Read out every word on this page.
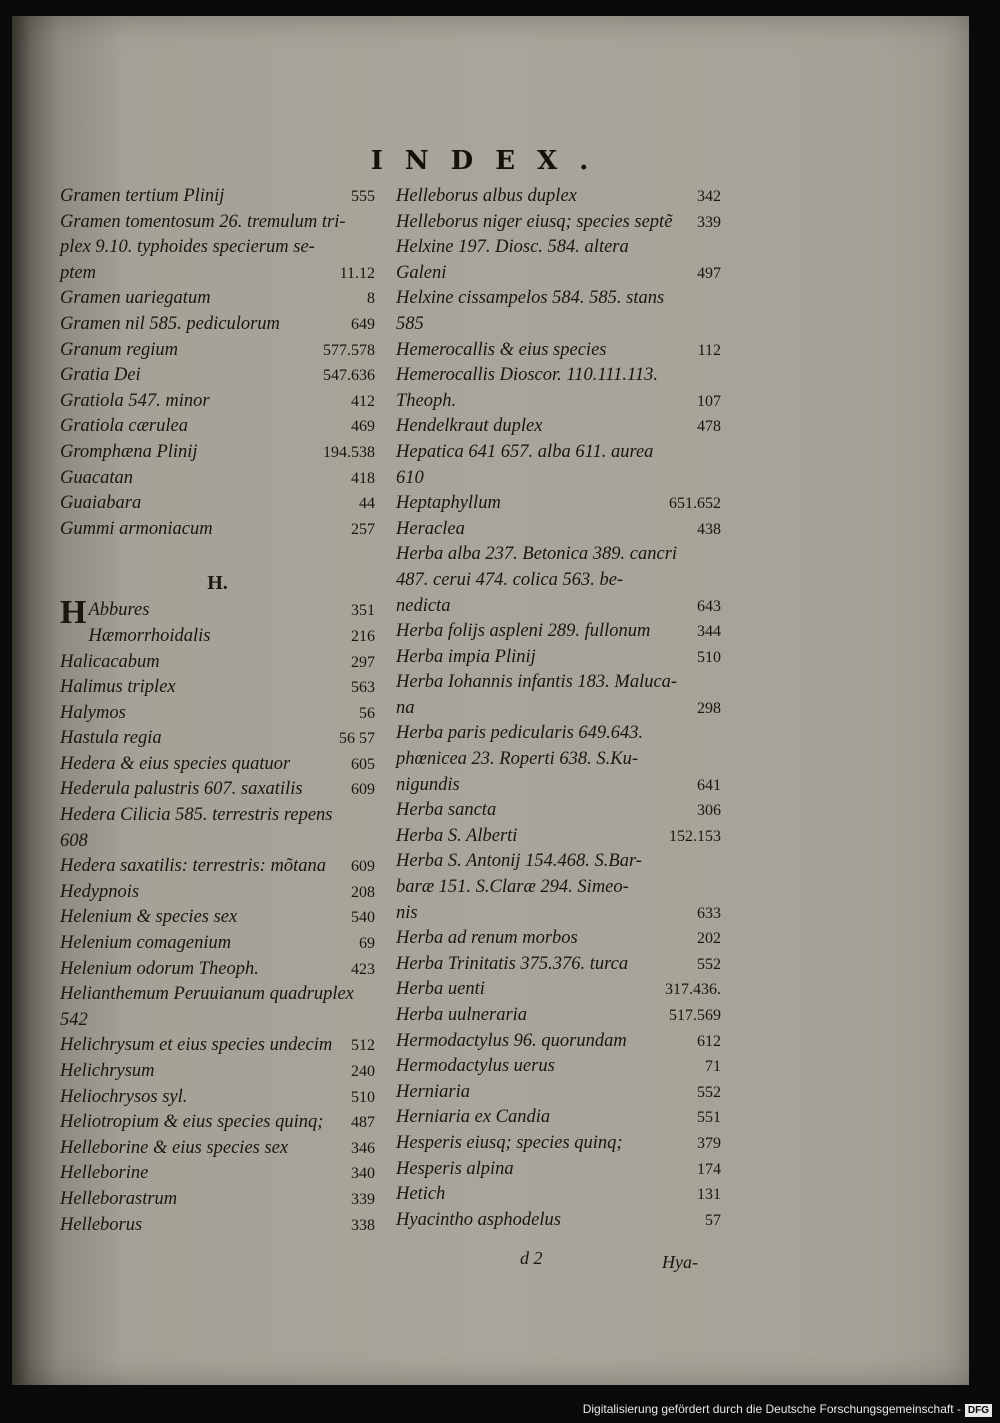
INDEX.
Gramen tertium Plinij	555
Gramen tomentosum 26. tremulum tri-
plex 9.10. typhoides specierum se-
ptem	11.12
Gramen uariegatum	8
Gramen nil 585. pediculorum	649
Granum regium	577.578
Gratia Dei	547.636
Gratiola 547. minor	412
Gratiola cærulea	469
Gromphæna Plinij	194.538
Guacatan	418
Guaiabara	44
Gummi armoniacum	257
H.
H Abbures	351
Hæmorrhoidalis	216
Halicacabum	297
Halimus triplex	563
Halymos	56
Hastula regia	56 57
Hedera & eius species quatuor	605
Hederula palustris 607. saxatilis	609
Hedera Cilicia 585. terrestris repens
608
Hedera saxatilis: terrestris: mõtana	609
Hedypnois	208
Helenium & species sex	540
Helenium comagenium	69
Helenium odorum Theoph.	423
Helianthemum Peruuianum quadruplex
542
Helichrysum et eius species undecim	512
Helichrysum	240
Heliochrysos syl.	510
Heliotropium & eius species quinq;	487
Helleborine & eius species sex	346
Helleborine	340
Helleborastrum	339
Helleborus	338
Helleborus albus duplex	342
Helleborus niger eiusq; species septẽ	339
Helxine 197. Diosc. 584. altera
Galeni	497
Helxine cissampelos 584. 585. stans
585
Hemerocallis & eius species	112
Hemerocallis Dioscor. 110.111.113.
Theoph.	107
Hendelkraut duplex	478
Hepatica 641 657. alba 611. aurea
610
Heptaphyllum	651.652
Heraclea	438
Herba alba 237. Betonica 389. cancri
487. cerui 474. colica 563. be-
nedicta	643
Herba folijs aspleni 289. fullonum	344
Herba impia Plinij	510
Herba Iohannis infantis 183. Maluca-
na	298
Herba paris pedicularis 649.643.
phœnicea 23. Roperti 638. S.Ku-
nigundis	641
Herba sancta	306
Herba S. Alberti	152.153
Herba S. Antonij 154.468. S.Bar-
baræ 151. S.Claræ 294. Simeo-
nis	633
Herba ad renum morbos	202
Herba Trinitatis 375.376. turca	552
Herba uenti	317.436.
Herba uulneraria	517.569
Hermodactylus 96. quorundam	612
Hermodactylus uerus	71
Herniaria	552
Herniaria ex Candia	551
Hesperis eiusq; species quinq;	379
Hesperis alpina	174
Hetich	131
Hyacintho asphodelus	57
d 2	Hya-
Digitalisierung gefördert durch die Deutsche Forschungsgemeinschaft - DFG
